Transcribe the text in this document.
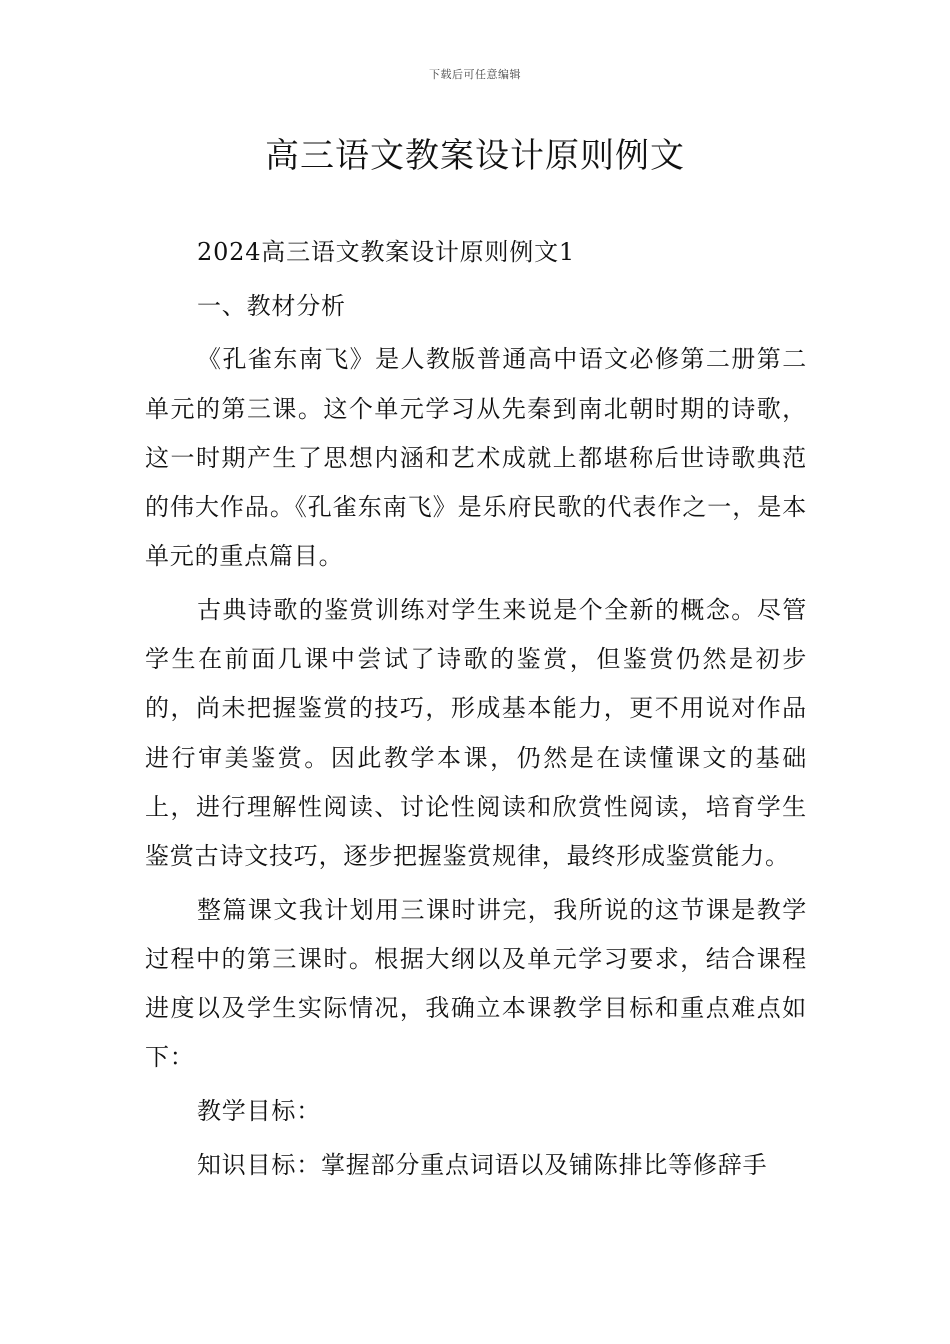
下载后可任意编辑
高三语文教案设计原则例文

2024高三语文教案设计原则例文1

一、教材分析

《孔雀东南飞》是人教版普通高中语文必修第二册第二单元的第三课。这个单元学习从先秦到南北朝时期的诗歌，这一时期产生了思想内涵和艺术成就上都堪称后世诗歌典范的伟大作品。《孔雀东南飞》是乐府民歌的代表作之一，是本单元的重点篇目。

古典诗歌的鉴赏训练对学生来说是个全新的概念。尽管学生在前面几课中尝试了诗歌的鉴赏，但鉴赏仍然是初步的，尚未把握鉴赏的技巧，形成基本能力，更不用说对作品进行审美鉴赏。因此教学本课，仍然是在读懂课文的基础上，进行理解性阅读、讨论性阅读和欣赏性阅读，培育学生鉴赏古诗文技巧，逐步把握鉴赏规律，最终形成鉴赏能力。

整篇课文我计划用三课时讲完，我所说的这节课是教学过程中的第三课时。根据大纲以及单元学习要求，结合课程进度以及学生实际情况，我确立本课教学目标和重点难点如下：

教学目标：

知识目标：掌握部分重点词语以及铺陈排比等修辞手
